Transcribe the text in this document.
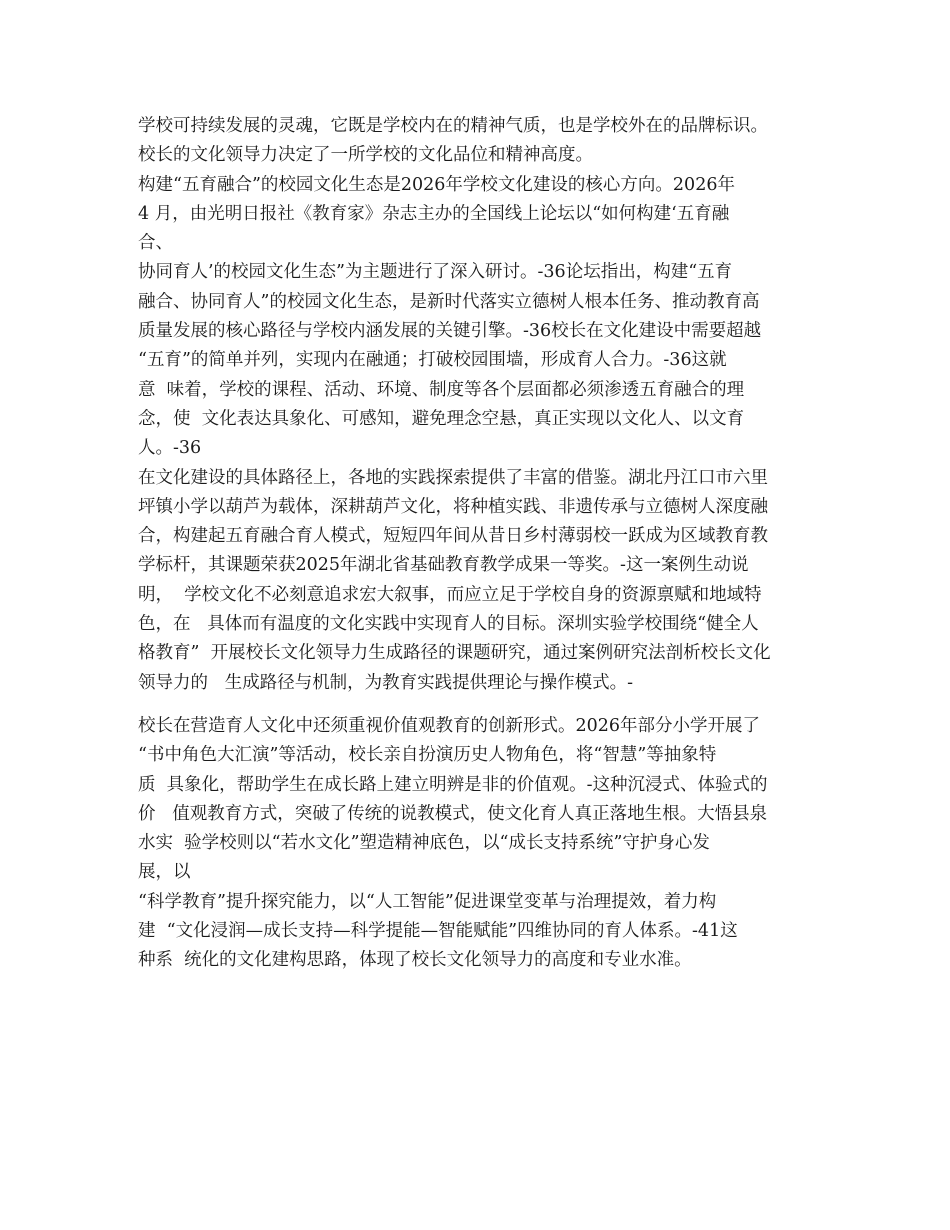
学校可持续发展的灵魂，它既是学校内在的精神气质，也是学校外在的品牌标识。

校长的文化领导力决定了一所学校的文化品位和精神高度。

构建“五育融合”的校园文化生态是2026年学校文化建设的核心方向。2026年

4 月，由光明日报社《教育家》杂志主办的全国线上论坛以“如何构建‘五育融

合、

协同育人’的校园文化生态”为主题进行了深入研讨。-36论坛指出，构建“五育

融合、协同育人”的校园文化生态，是新时代落实立德树人根本任务、推动教育高

质量发展的核心路径与学校内涵发展的关键引擎。-36校长在文化建设中需要超越

“五育”的简单并列，实现内在融通；打破校园围墙，形成育人合力。-36这就

意  味着，学校的课程、活动、环境、制度等各个层面都必须渗透五育融合的理

念，使  文化表达具象化、可感知，避免理念空悬，真正实现以文化人、以文育

人。-36

在文化建设的具体路径上，各地的实践探索提供了丰富的借鉴。湖北丹江口市六里

坪镇小学以葫芦为载体，深耕葫芦文化，将种植实践、非遗传承与立德树人深度融

合，构建起五育融合育人模式，短短四年间从昔日乡村薄弱校一跃成为区域教育教

学标杆，其课题荣获2025年湖北省基础教育教学成果一等奖。-这一案例生动说

明，  学校文化不必刻意追求宏大叙事，而应立足于学校自身的资源禀赋和地域特

色，在   具体而有温度的文化实践中实现育人的目标。深圳实验学校围绕“健全人

格教育”  开展校长文化领导力生成路径的课题研究，通过案例研究法剖析校长文化

领导力的   生成路径与机制，为教育实践提供理论与操作模式。-

校长在营造育人文化中还须重视价值观教育的创新形式。2026年部分小学开展了

“书中角色大汇演”等活动，校长亲自扮演历史人物角色，将“智慧”等抽象特

质  具象化，帮助学生在成长路上建立明辨是非的价值观。-这种沉浸式、体验式的

价   值观教育方式，突破了传统的说教模式，使文化育人真正落地生根。大悟县泉

水实  验学校则以“若水文化”塑造精神底色，以“成长支持系统”守护身心发

展，以

“科学教育”提升探究能力，以“人工智能”促进课堂变革与治理提效，着力构

建  “文化浸润—成长支持—科学提能—智能赋能”四维协同的育人体系。-41这

种系  统化的文化建构思路，体现了校长文化领导力的高度和专业水准。
